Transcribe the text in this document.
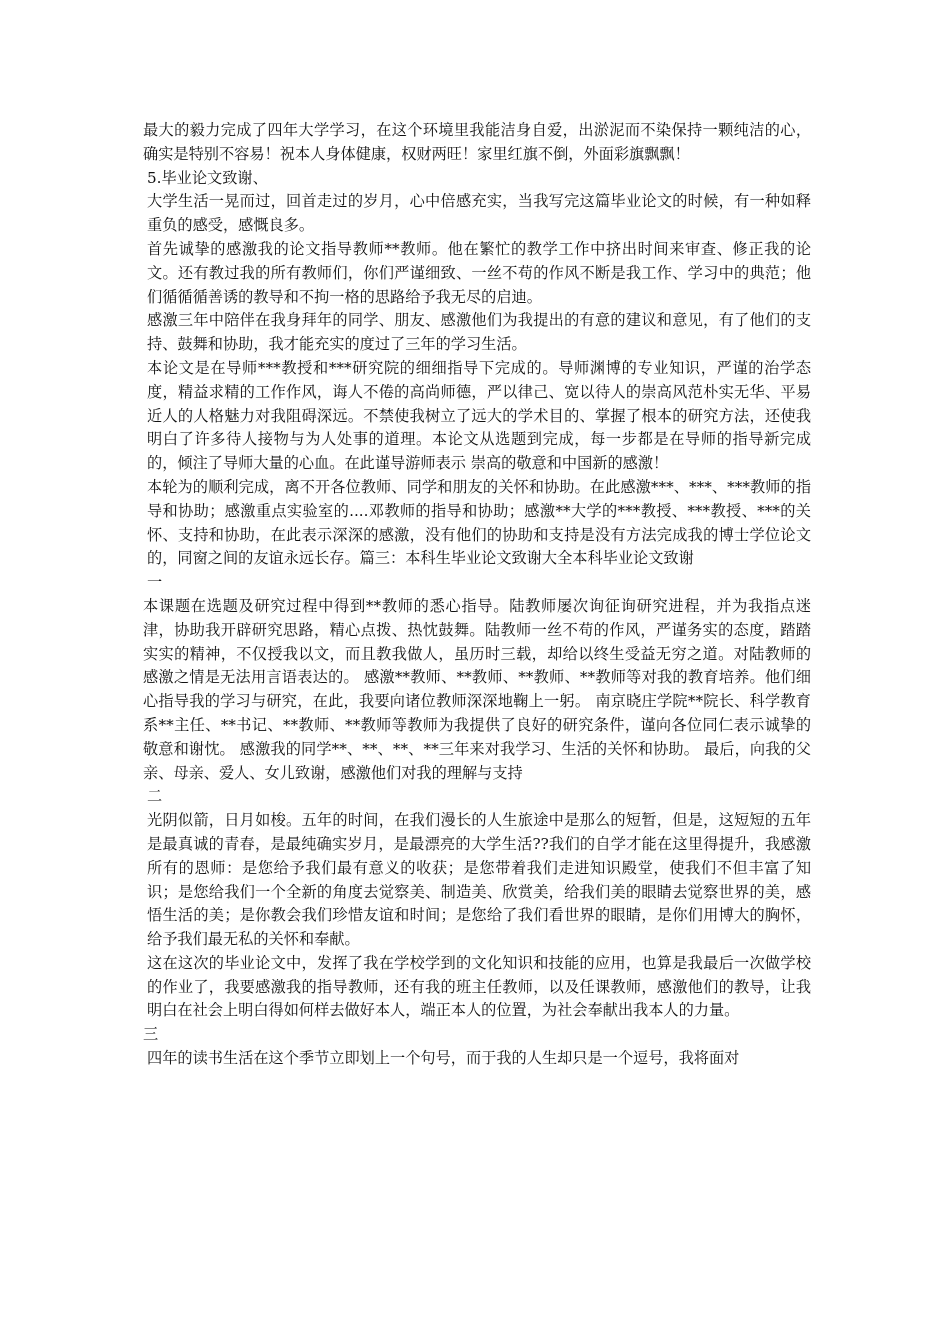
最大的毅力完成了四年大学学习，在这个环境里我能洁身自爱，出淤泥而不染保持一颗纯洁的心，确实是特别不容易！祝本人身体健康，权财两旺！家里红旗不倒，外面彩旗飘飘！

5.毕业论文致谢、

大学生活一晃而过，回首走过的岁月，心中倍感充实，当我写完这篇毕业论文的时候，有一种如释重负的感受，感慨良多。

首先诚挚的感激我的论文指导教师**教师。他在繁忙的教学工作中挤出时间来审查、修正我的论文。还有教过我的所有教师们，你们严谨细致、一丝不苟的作风不断是我工作、学习中的典范；他们循循循善诱的教导和不拘一格的思路给予我无尽的启迪。

感激三年中陪伴在我身拜年的同学、朋友、感激他们为我提出的有意的建议和意见，有了他们的支持、鼓舞和协助，我才能充实的度过了三年的学习生活。

本论文是在导师***教授和***研究院的细细指导下完成的。导师渊博的专业知识，严谨的治学态度，精益求精的工作作风，诲人不倦的高尚师德，严以律己、宽以待人的崇高风范朴实无华、平易近人的人格魅力对我阻碍深远。不禁使我树立了远大的学术目的、掌握了根本的研究方法，还使我明白了许多待人接物与为人处事的道理。本论文从选题到完成，每一步都是在导师的指导新完成的，倾注了导师大量的心血。在此谨导游师表示 崇高的敬意和中国新的感激！

本轮为的顺利完成，离不开各位教师、同学和朋友的关怀和协助。在此感激***、***、***教师的指导和协助；感激重点实验室的....邓教师的指导和协助；感激**大学的***教授、***教授、***的关怀、支持和协助，在此表示深深的感激，没有他们的协助和支持是没有方法完成我的博士学位论文的，同窗之间的友谊永远长存。篇三：本科生毕业论文致谢大全本科毕业论文致谢

一

本课题在选题及研究过程中得到**教师的悉心指导。陆教师屡次询征询研究进程，并为我指点迷津，协助我开辟研究思路，精心点拨、热忱鼓舞。陆教师一丝不苟的作风，严谨务实的态度，踏踏实实的精神，不仅授我以文，而且教我做人，虽历时三载，却给以终生受益无穷之道。对陆教师的感激之情是无法用言语表达的。 感激**教师、**教师、**教师、**教师等对我的教育培养。他们细心指导我的学习与研究，在此，我要向诸位教师深深地鞠上一躬。 南京晓庄学院**院长、科学教育系**主任、**书记、**教师、**教师等教师为我提供了良好的研究条件，谨向各位同仁表示诚挚的敬意和谢忱。 感激我的同学**、**、**、**三年来对我学习、生活的关怀和协助。 最后，向我的父亲、母亲、爱人、女儿致谢，感激他们对我的理解与支持

二

光阴似箭，日月如梭。五年的时间，在我们漫长的人生旅途中是那么的短暂，但是，这短短的五年是最真诚的青春，是最纯确实岁月，是最漂亮的大学生活??我们的自学才能在这里得提升，我感激所有的恩师：是您给予我们最有意义的收获；是您带着我们走进知识殿堂，使我们不但丰富了知识；是您给我们一个全新的角度去觉察美、制造美、欣赏美，给我们美的眼睛去觉察世界的美，感悟生活的美；是你教会我们珍惜友谊和时间；是您给了我们看世界的眼睛，是你们用博大的胸怀，给予我们最无私的关怀和奉献。

这在这次的毕业论文中，发挥了我在学校学到的文化知识和技能的应用，也算是我最后一次做学校的作业了，我要感激我的指导教师，还有我的班主任教师，以及任课教师，感激他们的教导，让我明白在社会上明白得如何样去做好本人，端正本人的位置，为社会奉献出我本人的力量。

三

四年的读书生活在这个季节立即划上一个句号，而于我的人生却只是一个逗号，我将面对
